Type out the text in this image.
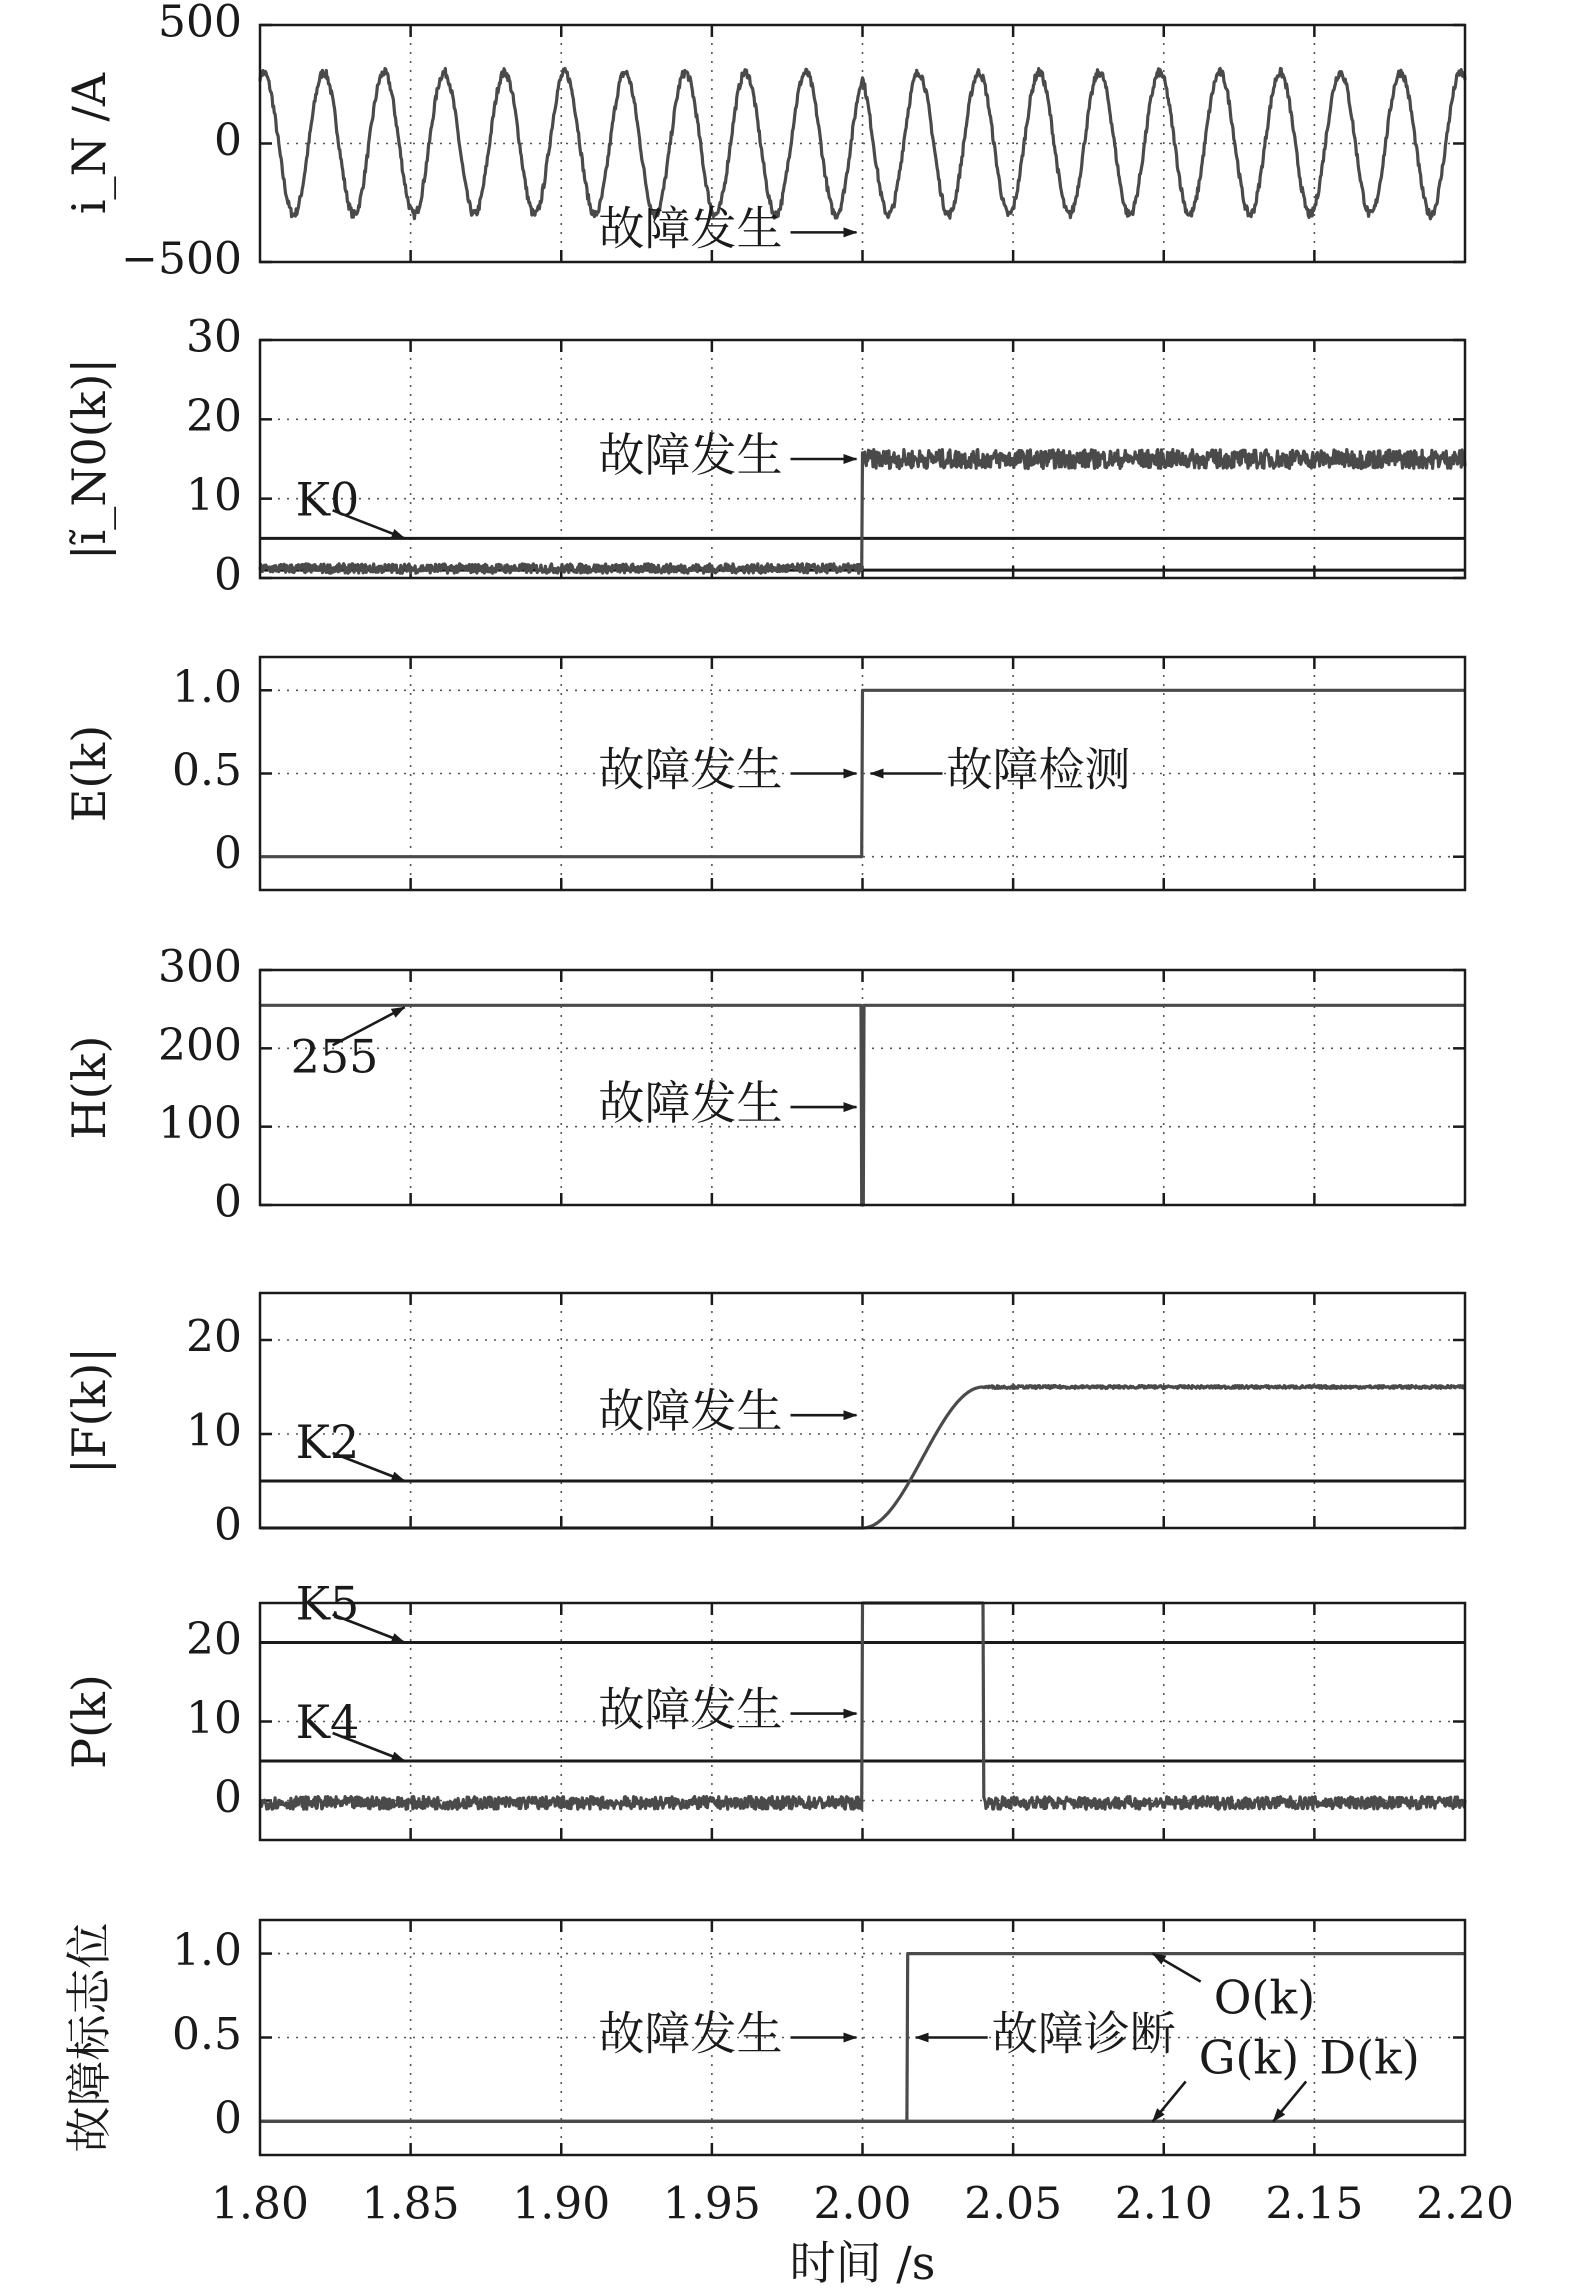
500
0
−500
i_N /A
故障发生
30
20
10
0
|ĩ_N0(k)|	故障发生
K0
1.0
0.5
0
E(k)	故障发生	故障检测
300
200
100
0
H(k)	255
故障发生
20
10
0
|F(k)|	故障发生
K2
20
10
0
P(k)	故障发生
K5
K4
1.0
0.5
0
故障标志位	故障发生	故障诊断
O(k)
G(k) D(k)
1.80 1.85 1.90 1.95 2.00 2.05 2.10 2.15 2.20
时间 /s
